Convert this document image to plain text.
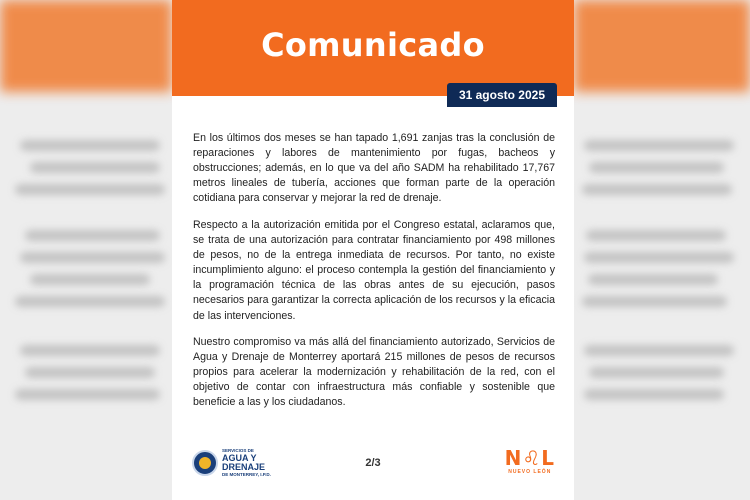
Comunicado
31 agosto 2025
En los últimos dos meses se han tapado 1,691 zanjas tras la conclusión de reparaciones y labores de mantenimiento por fugas, bacheos y obstrucciones; además, en lo que va del año SADM ha rehabilitado 17,767 metros lineales de tubería, acciones que forman parte de la operación cotidiana para conservar y mejorar la red de drenaje.
Respecto a la autorización emitida por el Congreso estatal, aclaramos que, se trata de una autorización para contratar financiamiento por 498 millones de pesos, no de la entrega inmediata de recursos. Por tanto, no existe incumplimiento alguno: el proceso contempla la gestión del financiamiento y la programación técnica de las obras antes de su ejecución, pasos necesarios para garantizar la correcta aplicación de los recursos y la eficacia de las intervenciones.
Nuestro compromiso va más allá del financiamiento autorizado, Servicios de Agua y Drenaje de Monterrey aportará 215 millones de pesos de recursos propios para acelerar la modernización y rehabilitación de la red, con el objetivo de contar con infraestructura más confiable y sostenible que beneficie a las y los ciudadanos.
SERVICIOS DE
AGUA Y
DRENAJE
DE MONTERREY, I.P.D.
2/3	N♌L
NUEVO LEÓN
